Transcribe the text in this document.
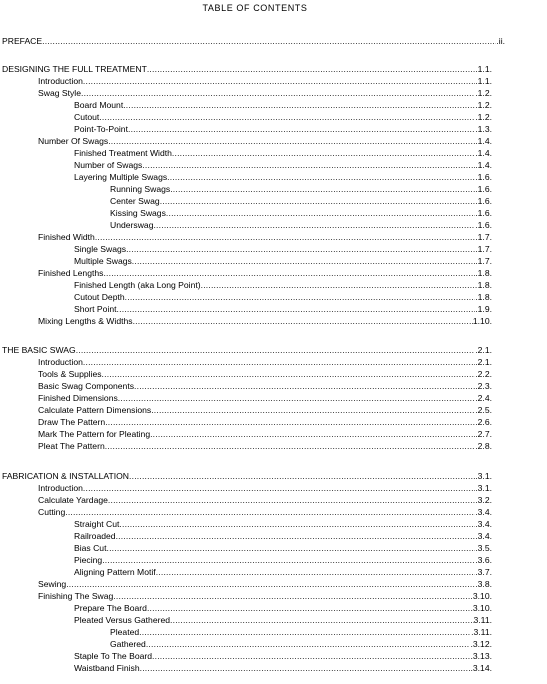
TABLE OF CONTENTS
PREFACE .....	.ii.
DESIGNING THE FULL TREATMENT .....	.1.1.
Introduction .....	.1.1.
Swag Style .....	.1.2.
Board Mount .....	.1.2.
Cutout .....	.1.2.
Point-To-Point .....	.1.3.
Number Of Swags .....	.1.4.
Finished Treatment Width .....	.1.4.
Number of Swags .....	.1.4.
Layering Multiple Swags .....	.1.6.
Running Swags .....	.1.6.
Center Swag .....	.1.6.
Kissing Swags .....	.1.6.
Underswag .....	.1.6.
Finished Width .....	.1.7.
Single Swags .....	.1.7.
Multiple Swags .....	.1.7.
Finished Lengths .....	.1.8.
Finished Length (aka Long Point) .....	1.8.
Cutout Depth .....	.1.8.
Short Point .....	.1.9.
Mixing Lengths & Widths .....	1.10.
THE BASIC SWAG .....	.2.1.
Introduction .....	.2.1.
Tools & Supplies .....	.2.2.
Basic Swag Components .....	.2.3.
Finished Dimensions .....	.2.4.
Calculate Pattern Dimensions .....	.2.5.
Draw The Pattern .....	.2.6.
Mark The Pattern for Pleating .....	.2.7.
Pleat The Pattern .....	.2.8.
FABRICATION & INSTALLATION .....	.3.1.
Introduction .....	.3.1.
Calculate Yardage .....	.3.2.
Cutting .....	.3.4.
Straight Cut .....	.3.4.
Railroaded .....	.3.4.
Bias Cut .....	.3.5.
Piecing .....	.3.6.
Aligning Pattern Motif .....	.3.7.
Sewing .....	.3.8.
Finishing The Swag .....	3.10.
Prepare The Board .....	.3.10.
Pleated Versus Gathered .....	3.11.
Pleated .....	.3.11.
Gathered .....	.3.12.
Staple To The Board .....	.3.13.
Waistband Finish .....	.3.14.
